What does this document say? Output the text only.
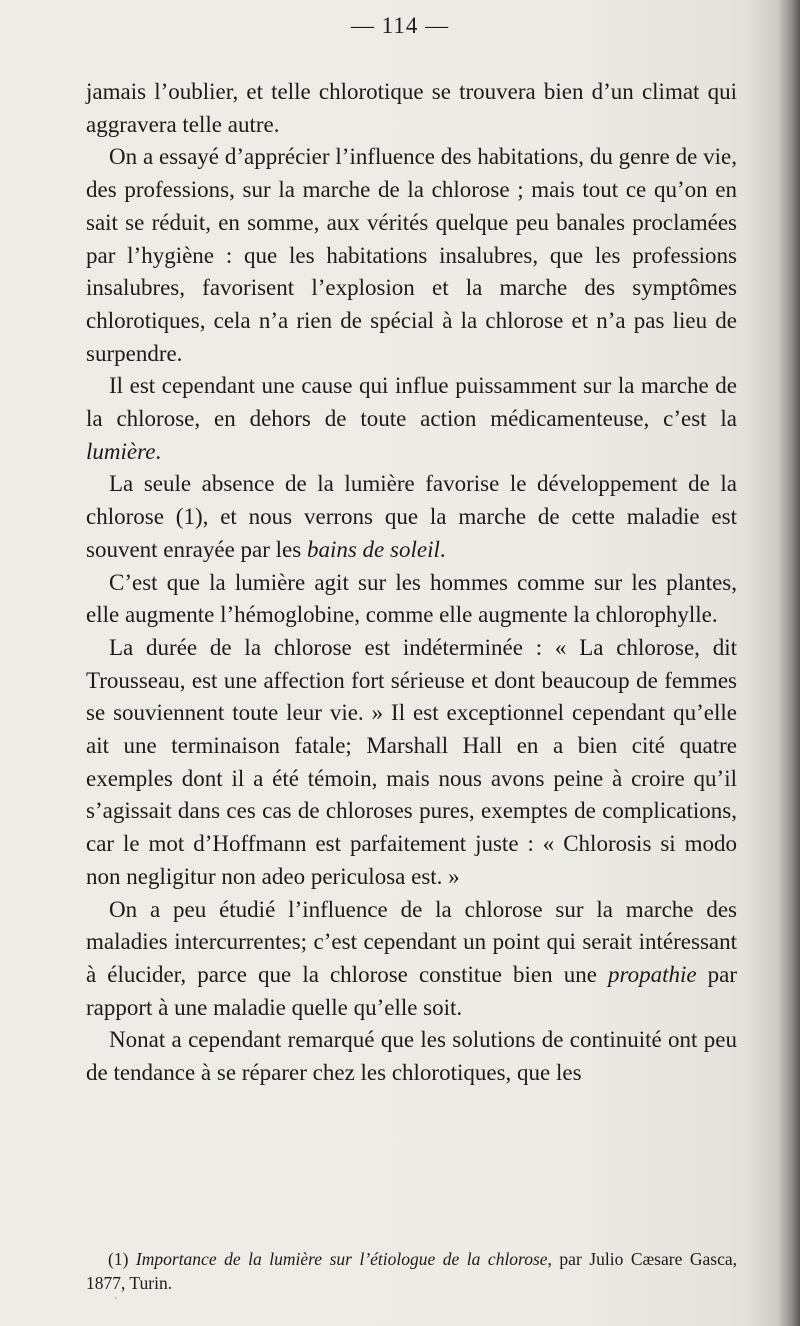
— 114 —

jamais l’oublier, et telle chlorotique se trouvera bien d’un climat qui aggravera telle autre.

On a essayé d’apprécier l’influence des habitations, du genre de vie, des professions, sur la marche de la chlorose ; mais tout ce qu’on en sait se réduit, en somme, aux vérités quelque peu banales proclamées par l’hygiène : que les habitations insalubres, que les professions insalubres, favorisent l’explosion et la marche des symptômes chlorotiques, cela n’a rien de spécial à la chlorose et n’a pas lieu de surpendre.

Il est cependant une cause qui influe puissamment sur la marche de la chlorose, en dehors de toute action médicamenteuse, c’est la lumière.

La seule absence de la lumière favorise le développement de la chlorose (1), et nous verrons que la marche de cette maladie est souvent enrayée par les bains de soleil.

C’est que la lumière agit sur les hommes comme sur les plantes, elle augmente l’hémoglobine, comme elle augmente la chlorophylle.

La durée de la chlorose est indéterminée : « La chlorose, dit Trousseau, est une affection fort sérieuse et dont beaucoup de femmes se souviennent toute leur vie. » Il est exceptionnel cependant qu’elle ait une terminaison fatale; Marshall Hall en a bien cité quatre exemples dont il a été témoin, mais nous avons peine à croire qu’il s’agissait dans ces cas de chloroses pures, exemptes de complications, car le mot d’Hoffmann est parfaitement juste : « Chlorosis si modo non negligitur non adeo periculosa est. »

On a peu étudié l’influence de la chlorose sur la marche des maladies intercurrentes; c’est cependant un point qui serait intéressant à élucider, parce que la chlorose constitue bien une propathie par rapport à une maladie quelle qu’elle soit.

Nonat a cependant remarqué que les solutions de continuité ont peu de tendance à se réparer chez les chlorotiques, que les

(1) Importance de la lumière sur l’étiologue de la chlorose, par Julio Cæsare Gasca, 1877, Turin.

ˋ
